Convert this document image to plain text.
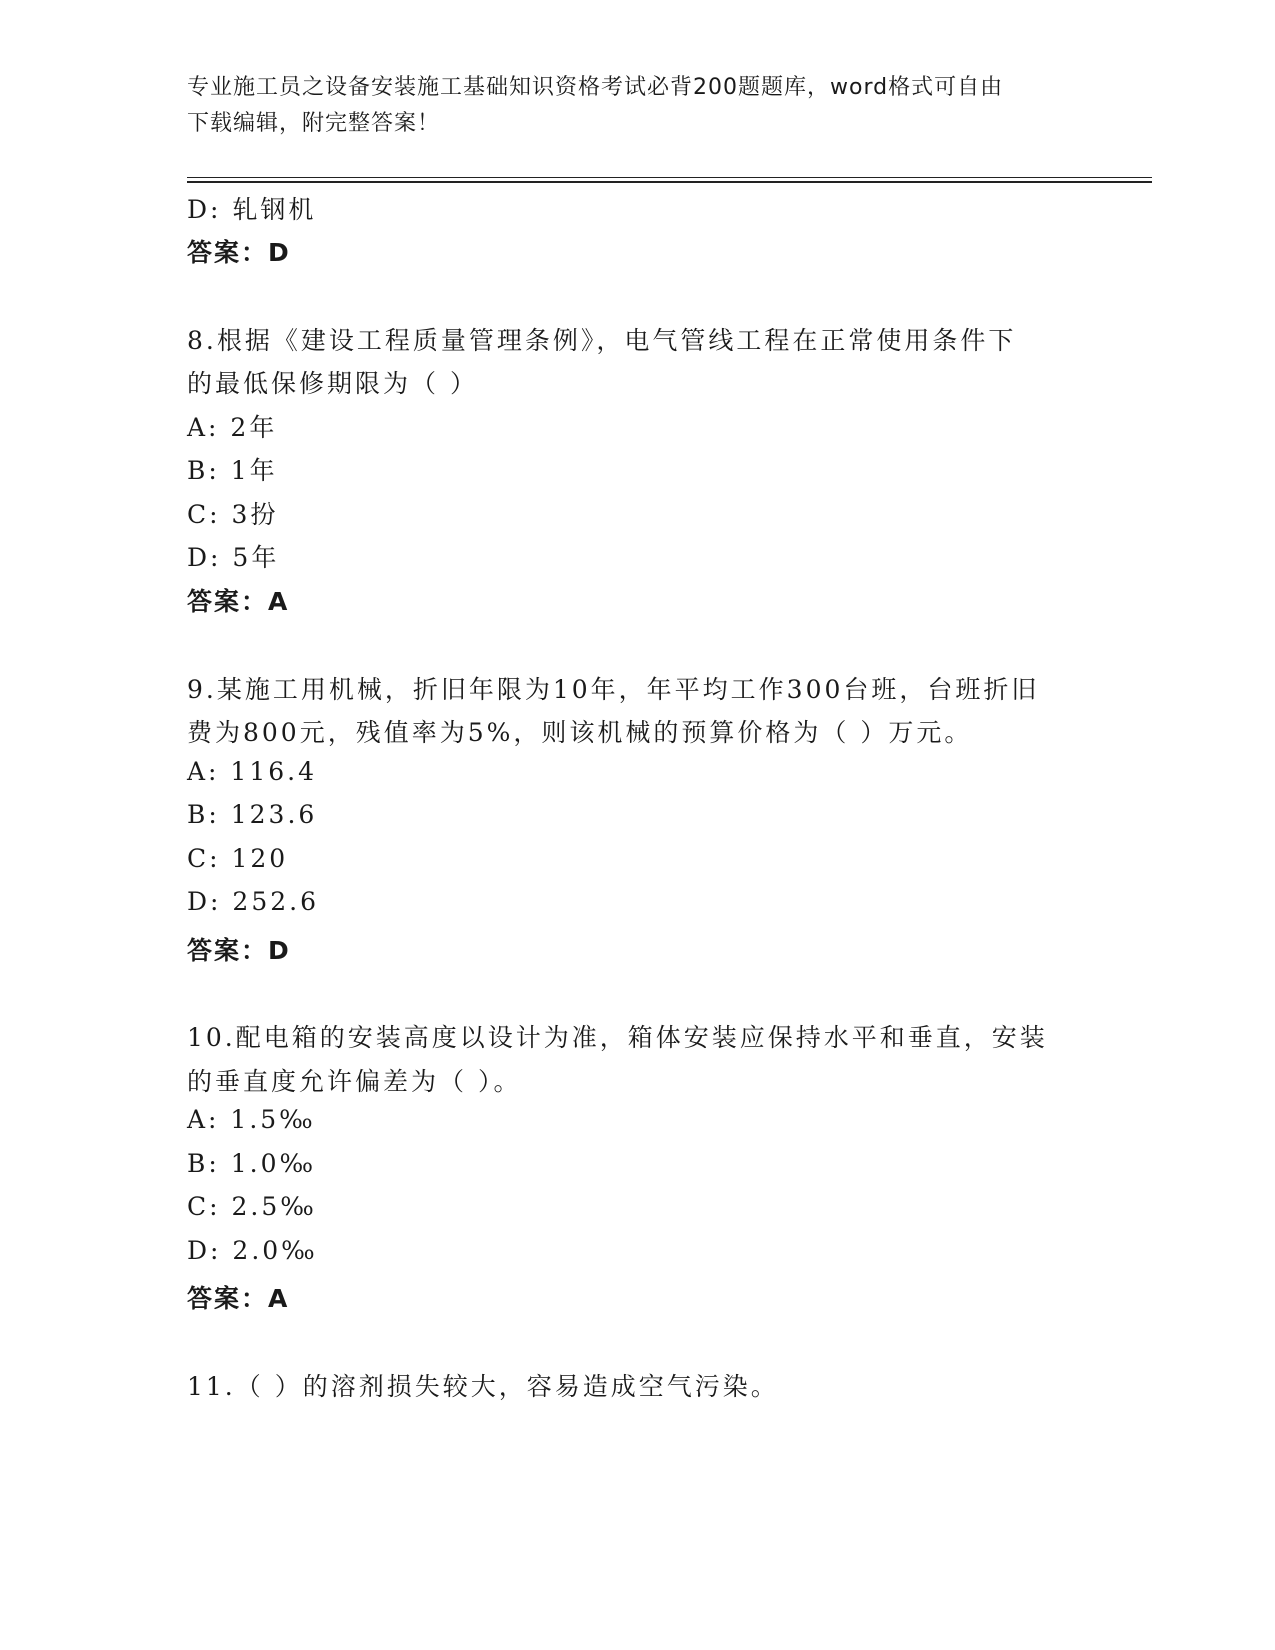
专业施工员之设备安装施工基础知识资格考试必背200题题库，word格式可自由
下载编辑，附完整答案！
D: 轧钢机
答案：D
8.根据《建设工程质量管理条例》，电气管线工程在正常使用条件下
的最低保修期限为（ ）
A: 2年
B: 1年
C: 3扮
D: 5年
答案：A
9.某施工用机械，折旧年限为10年，年平均工作300台班，台班折旧
费为800元，残值率为5%，则该机械的预算价格为（ ）万元。
A: 116.4
B: 123.6
C: 120
D: 252.6
答案：D
10.配电箱的安装高度以设计为准，箱体安装应保持水平和垂直，安装
的垂直度允许偏差为（ ）。
A: 1.5‰
B: 1.0‰
C: 2.5‰
D: 2.0‰
答案：A
11.（ ）的溶剂损失较大，容易造成空气污染。
